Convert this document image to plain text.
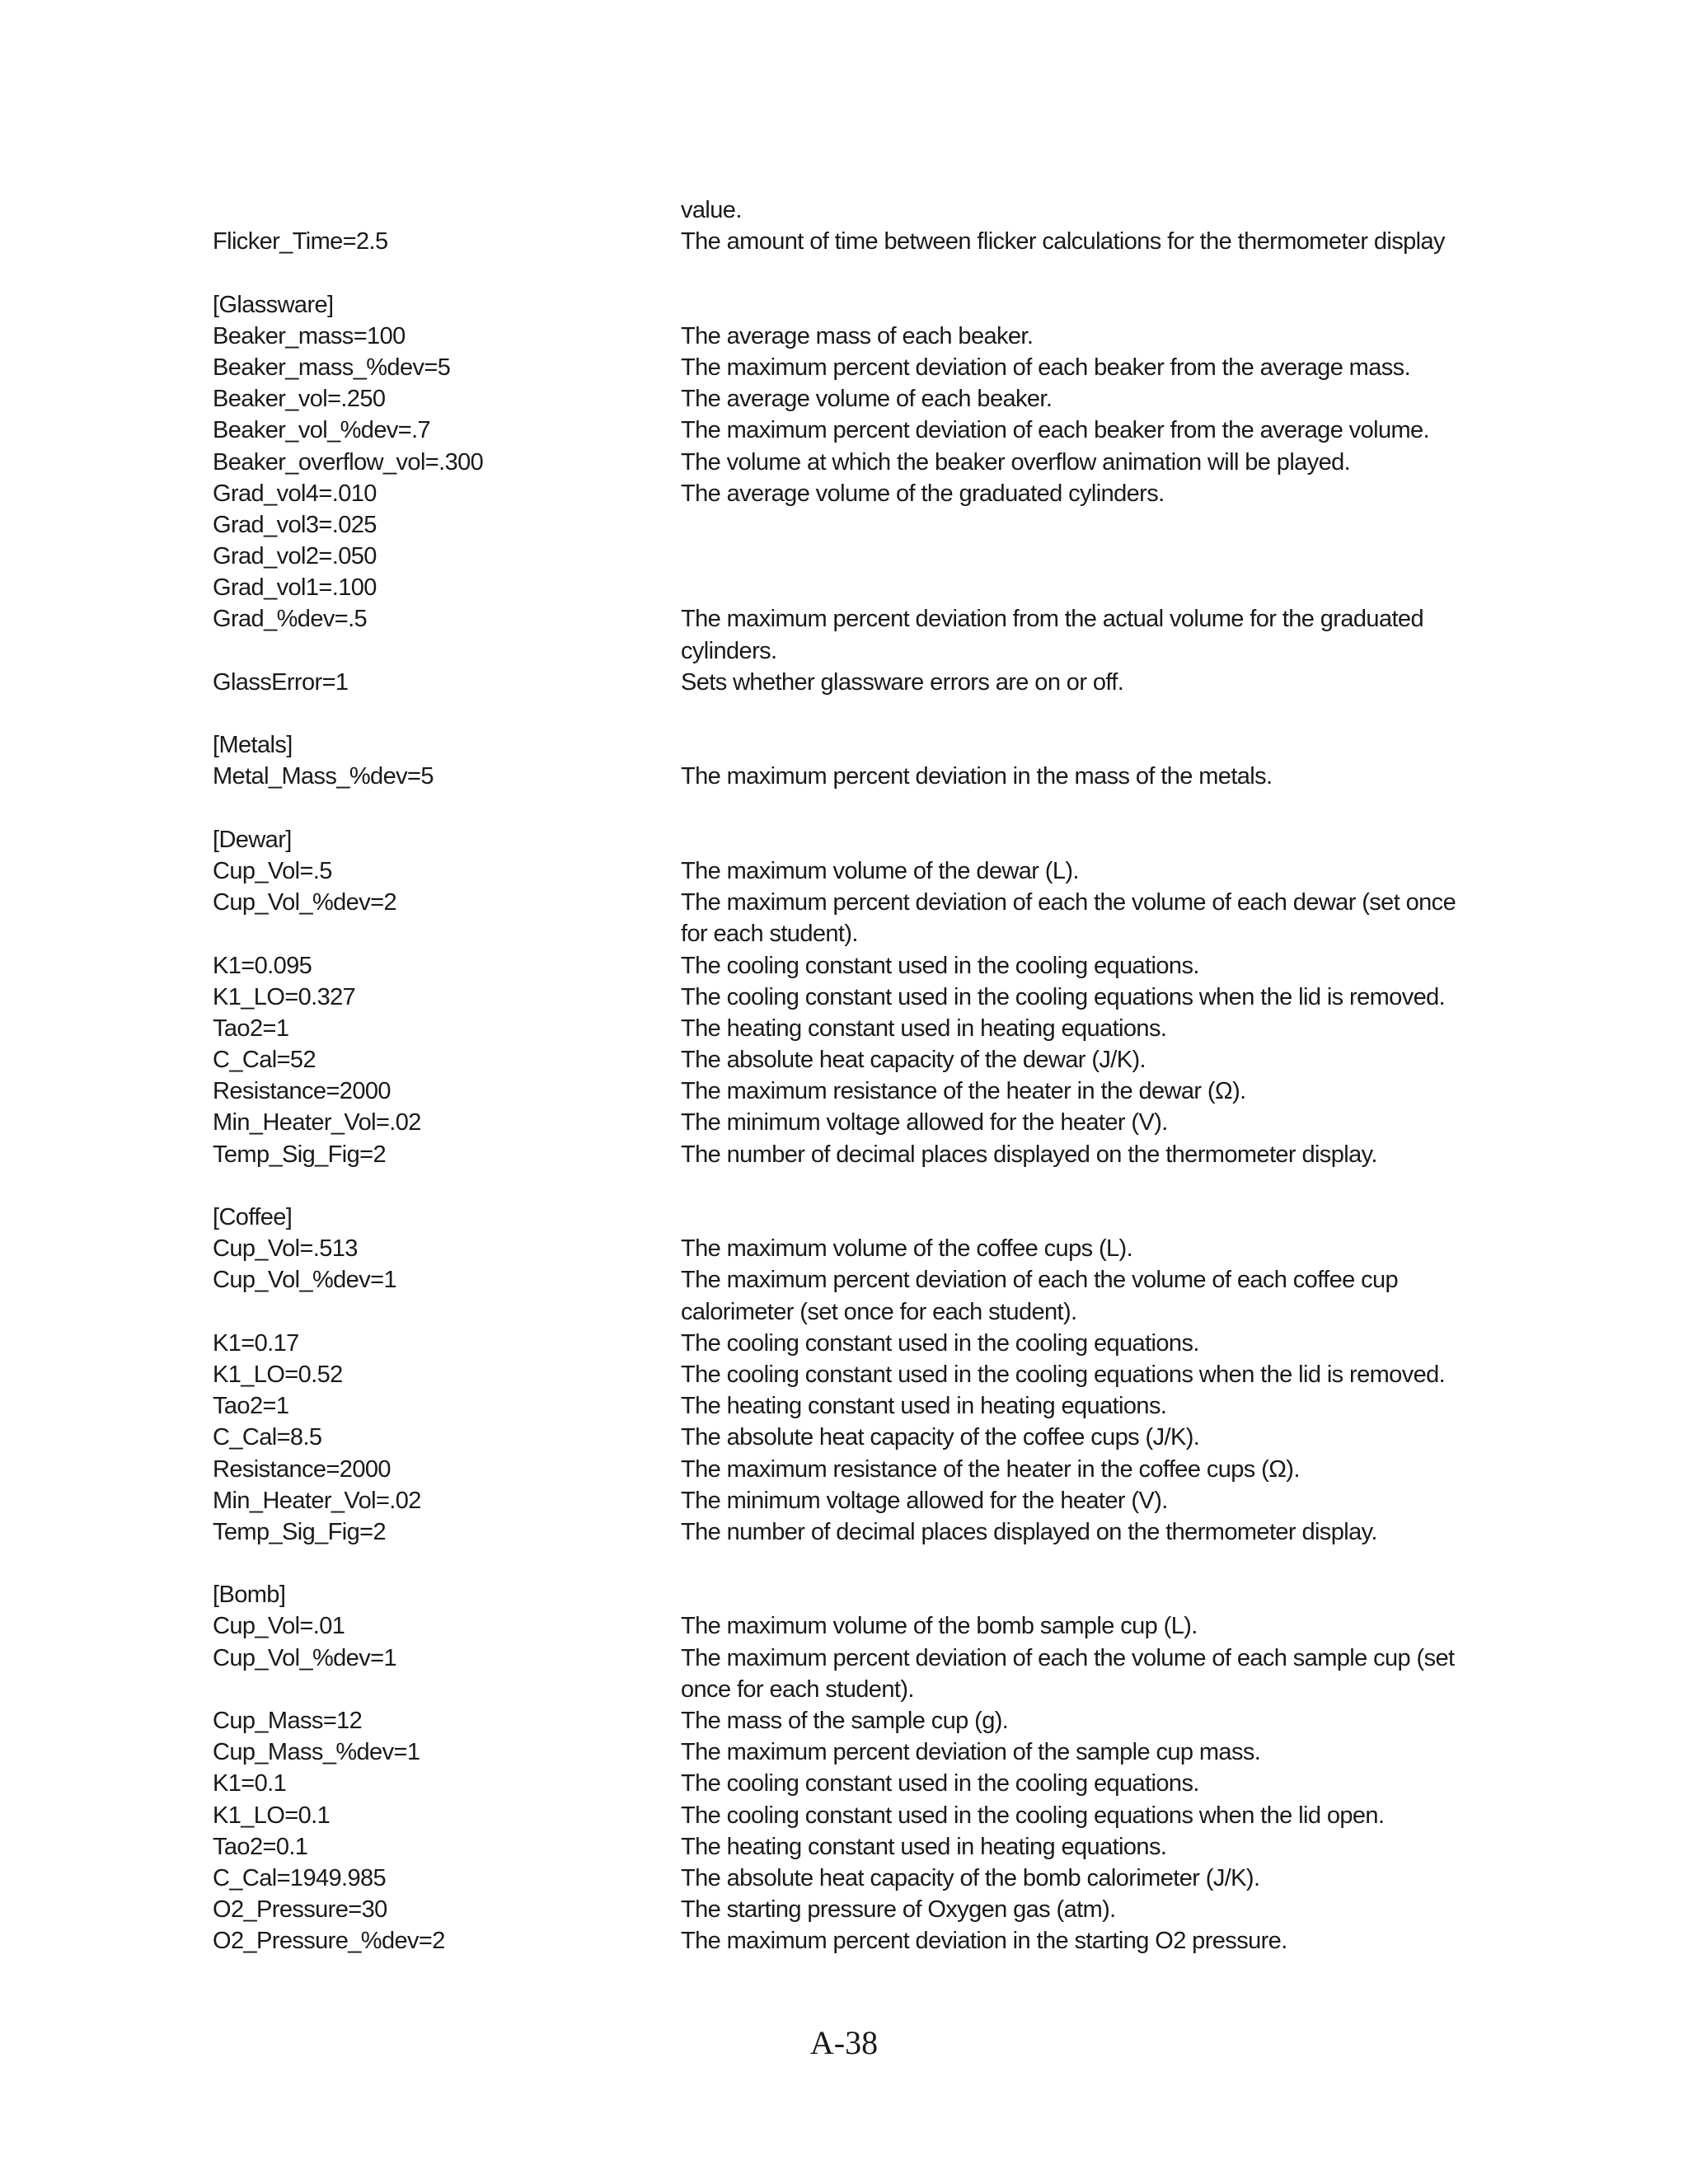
value.
Flicker_Time=2.5	The amount of time between flicker calculations for the thermometer display
[Glassware]
Beaker_mass=100	The average mass of each beaker.
Beaker_mass_%dev=5	The maximum percent deviation of each beaker from the average mass.
Beaker_vol=.250	The average volume of each beaker.
Beaker_vol_%dev=.7	The maximum percent deviation of each beaker from the average volume.
Beaker_overflow_vol=.300	The volume at which the beaker overflow animation will be played.
Grad_vol4=.010	The average volume of the graduated cylinders.
Grad_vol3=.025
Grad_vol2=.050
Grad_vol1=.100
Grad_%dev=.5	The maximum percent deviation from the actual volume for the graduated
cylinders.
GlassError=1	Sets whether glassware errors are on or off.
[Metals]
Metal_Mass_%dev=5	The maximum percent deviation in the mass of the metals.
[Dewar]
Cup_Vol=.5	The maximum volume of the dewar (L).
Cup_Vol_%dev=2	The maximum percent deviation of each the volume of each dewar (set once
for each student).
K1=0.095	The cooling constant used in the cooling equations.
K1_LO=0.327	The cooling constant used in the cooling equations when the lid is removed.
Tao2=1	The heating constant used in heating equations.
C_Cal=52	The absolute heat capacity of the dewar (J/K).
Resistance=2000	The maximum resistance of the heater in the dewar (Ω).
Min_Heater_Vol=.02	The minimum voltage allowed for the heater (V).
Temp_Sig_Fig=2	The number of decimal places displayed on the thermometer display.
[Coffee]
Cup_Vol=.513	The maximum volume of the coffee cups (L).
Cup_Vol_%dev=1	The maximum percent deviation of each the volume of each coffee cup
calorimeter (set once for each student).
K1=0.17	The cooling constant used in the cooling equations.
K1_LO=0.52	The cooling constant used in the cooling equations when the lid is removed.
Tao2=1	The heating constant used in heating equations.
C_Cal=8.5	The absolute heat capacity of the coffee cups (J/K).
Resistance=2000	The maximum resistance of the heater in the coffee cups (Ω).
Min_Heater_Vol=.02	The minimum voltage allowed for the heater (V).
Temp_Sig_Fig=2	The number of decimal places displayed on the thermometer display.
[Bomb]
Cup_Vol=.01	The maximum volume of the bomb sample cup (L).
Cup_Vol_%dev=1	The maximum percent deviation of each the volume of each sample cup (set
once for each student).
Cup_Mass=12	The mass of the sample cup (g).
Cup_Mass_%dev=1	The maximum percent deviation of the sample cup mass.
K1=0.1	The cooling constant used in the cooling equations.
K1_LO=0.1	The cooling constant used in the cooling equations when the lid open.
Tao2=0.1	The heating constant used in heating equations.
C_Cal=1949.985	The absolute heat capacity of the bomb calorimeter (J/K).
O2_Pressure=30	The starting pressure of Oxygen gas (atm).
O2_Pressure_%dev=2	The maximum percent deviation in the starting O2 pressure.
A-38
